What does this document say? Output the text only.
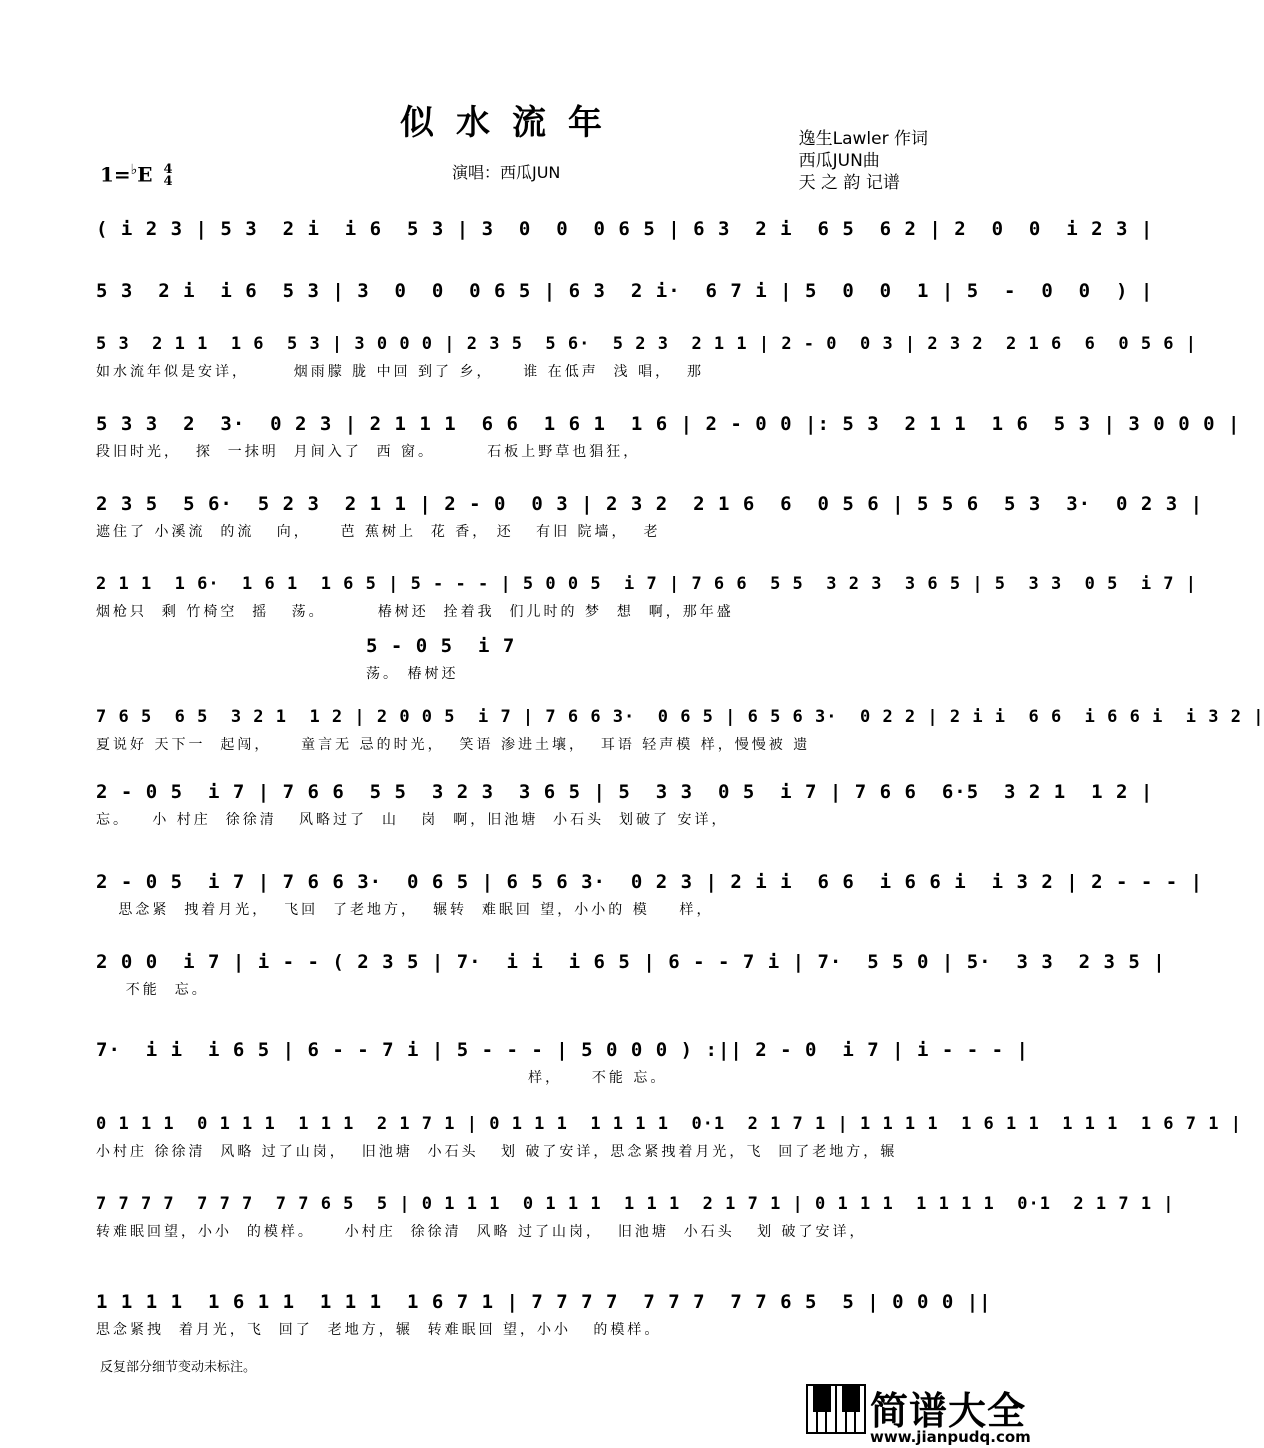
似水流年	逸生Lawler 作词
西瓜JUN曲
天 之 韵 记谱
1=♭E 4
4	演唱：西瓜JUN
( i 2 3 | 5 3  2 i  i 6  5 3 | 3  0  0  0 6 5 | 6 3  2 i  6 5  6 2 | 2  0  0  i 2 3 |
5 3  2 i  i 6  5 3 | 3  0  0  0 6 5 | 6 3  2 i·  6 7 i | 5  0  0  1 | 5  -  0  0  ) |
5 3  2 1 1  1 6  5 3 | 3 0 0 0 | 2 3 5  5 6·  5 2 3  2 1 1 | 2 - 0  0 3 | 2 3 2  2 1 6  6  0 5 6 |
如水流年似是安详，      烟雨朦 胧 中回 到了 乡，    谁 在低声  浅 唱，  那
5 3 3  2  3·  0 2 3 | 2 1 1 1  6 6  1 6 1  1 6 | 2 - 0 0 |: 5 3  2 1 1  1 6  5 3 | 3 0 0 0 |
段旧时光，  探  一抹明  月间入了  西 窗。       石板上野草也猖狂，
2 3 5  5 6·  5 2 3  2 1 1 | 2 - 0  0 3 | 2 3 2  2 1 6  6  0 5 6 | 5 5 6  5 3  3·  0 2 3 |
遮住了 小溪流  的流   向，    芭 蕉树上  花 香， 还   有旧 院墙，  老
2 1 1  1 6·  1 6 1  1 6 5 | 5 - - - | 5 0 0 5  i 7 | 7 6 6  5 5  3 2 3  3 6 5 | 5  3 3  0 5  i 7 |
烟枪只  剩 竹椅空  摇   荡。       椿树还  拴着我  们儿时的 梦  想  啊，那年盛
5 - 0 5  i 7
荡。 椿树还
7 6 5  6 5  3 2 1  1 2 | 2 0 0 5  i 7 | 7 6 6 3·  0 6 5 | 6 5 6 3·  0 2 2 | 2 i i  6 6  i 6 6 i  i 3 2 |
夏说好 天下一  起闯，    童言无 忌的时光，  笑语 渗进土壤，  耳语 轻声模 样，慢慢被 遗
2 - 0 5  i 7 | 7 6 6  5 5  3 2 3  3 6 5 | 5  3 3  0 5  i 7 | 7 6 6  6·5  3 2 1  1 2 |
忘。   小 村庄  徐徐清   风略过了  山   岗  啊，旧池塘  小石头  划破了 安详，
2 - 0 5  i 7 | 7 6 6 3·  0 6 5 | 6 5 6 3·  0 2 3 | 2 i i  6 6  i 6 6 i  i 3 2 | 2 - - - |
思念紧  拽着月光，  飞回  了老地方，  辗转  难眠回 望，小小的 模    样，
2 0 0  i 7 | i - - ( 2 3 5 | 7·  i i  i 6 5 | 6 - - 7 i | 7·  5 5 0 | 5·  3 3  2 3 5 |
不能  忘。
7·  i i  i 6 5 | 6 - - 7 i | 5 - - - | 5 0 0 0 ) :|| 2 - 0  i 7 | i - - - |
样，    不能 忘。
0 1 1 1  0 1 1 1  1 1 1  2 1 7 1 | 0 1 1 1  1 1 1 1  0·1  2 1 7 1 | 1 1 1 1  1 6 1 1  1 1 1  1 6 7 1 |
小村庄 徐徐清  风略 过了山岗，  旧池塘  小石头   划 破了安详，思念紧拽着月光，飞  回了老地方，辗
7 7 7 7  7 7 7  7 7 6 5  5 | 0 1 1 1  0 1 1 1  1 1 1  2 1 7 1 | 0 1 1 1  1 1 1 1  0·1  2 1 7 1 |
转难眠回望，小小  的模样。    小村庄  徐徐清  风略 过了山岗，  旧池塘  小石头   划 破了安详，
1 1 1 1  1 6 1 1  1 1 1  1 6 7 1 | 7 7 7 7  7 7 7  7 7 6 5  5 | 0 0 0 ||
思念紧拽  着月光，飞  回了  老地方，辗  转难眠回 望，小小   的模样。
反复部分细节变动未标注。
简谱大全
www.jianpudq.com
